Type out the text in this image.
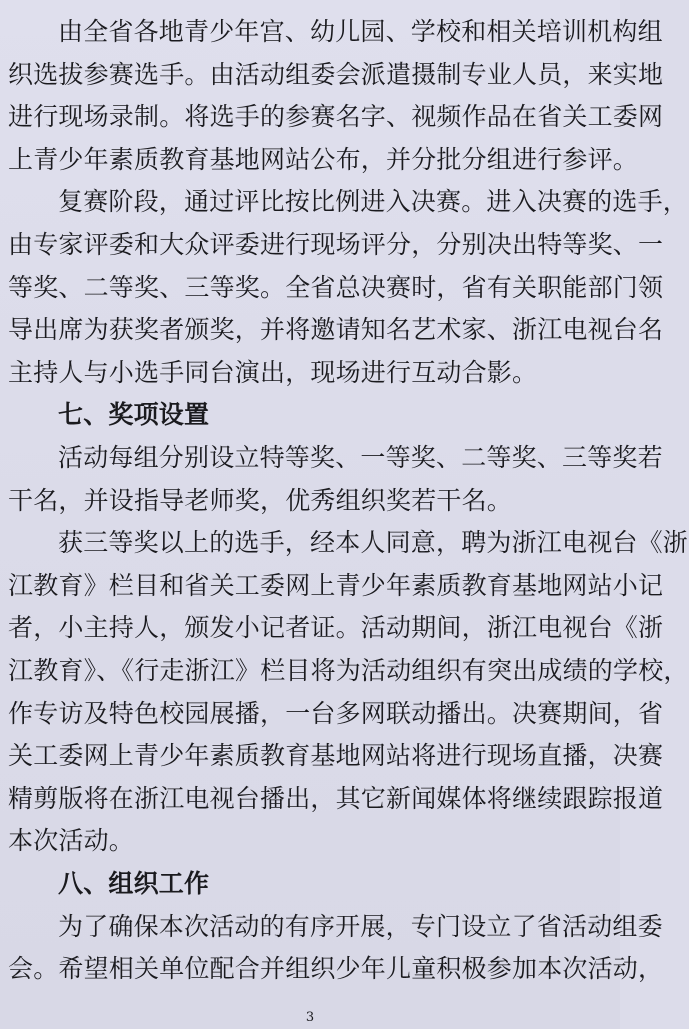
由全省各地青少年宫、幼儿园、学校和相关培训机构组
织选拔参赛选手。由活动组委会派遣摄制专业人员，来实地
进行现场录制。将选手的参赛名字、视频作品在省关工委网
上青少年素质教育基地网站公布，并分批分组进行参评。
复赛阶段，通过评比按比例进入决赛。进入决赛的选手，
由专家评委和大众评委进行现场评分，分别决出特等奖、一
等奖、二等奖、三等奖。全省总决赛时，省有关职能部门领
导出席为获奖者颁奖，并将邀请知名艺术家、浙江电视台名
主持人与小选手同台演出，现场进行互动合影。
七、奖项设置
活动每组分别设立特等奖、一等奖、二等奖、三等奖若
干名，并设指导老师奖，优秀组织奖若干名。
获三等奖以上的选手，经本人同意，聘为浙江电视台《浙
江教育》栏目和省关工委网上青少年素质教育基地网站小记
者，小主持人，颁发小记者证。活动期间，浙江电视台《浙
江教育》、《行走浙江》栏目将为活动组织有突出成绩的学校，
作专访及特色校园展播，一台多网联动播出。决赛期间，省
关工委网上青少年素质教育基地网站将进行现场直播，决赛
精剪版将在浙江电视台播出，其它新闻媒体将继续跟踪报道
本次活动。
八、组织工作
为了确保本次活动的有序开展，专门设立了省活动组委
会。希望相关单位配合并组织少年儿童积极参加本次活动，
3
